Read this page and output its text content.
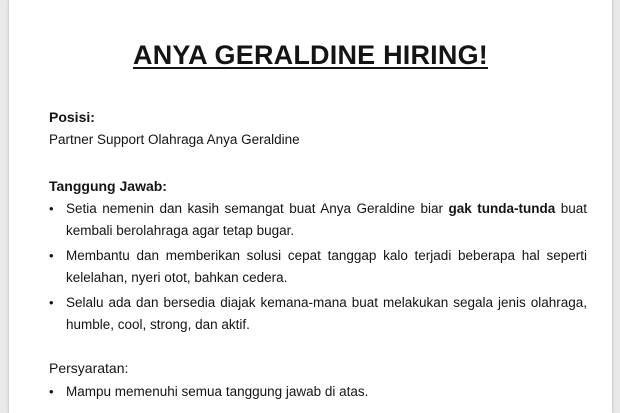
ANYA GERALDINE HIRING!
Posisi:
Partner Support Olahraga Anya Geraldine
Tanggung Jawab:
• Setia nemenin dan kasih semangat buat Anya Geraldine biar gak tunda-tunda buat kembali berolahraga agar tetap bugar.
• Membantu dan memberikan solusi cepat tanggap kalo terjadi beberapa hal seperti kelelahan, nyeri otot, bahkan cedera.
• Selalu ada dan bersedia diajak kemana-mana buat melakukan segala jenis olahraga, humble, cool, strong, dan aktif.
Persyaratan:
• Mampu memenuhi semua tanggung jawab di atas.
